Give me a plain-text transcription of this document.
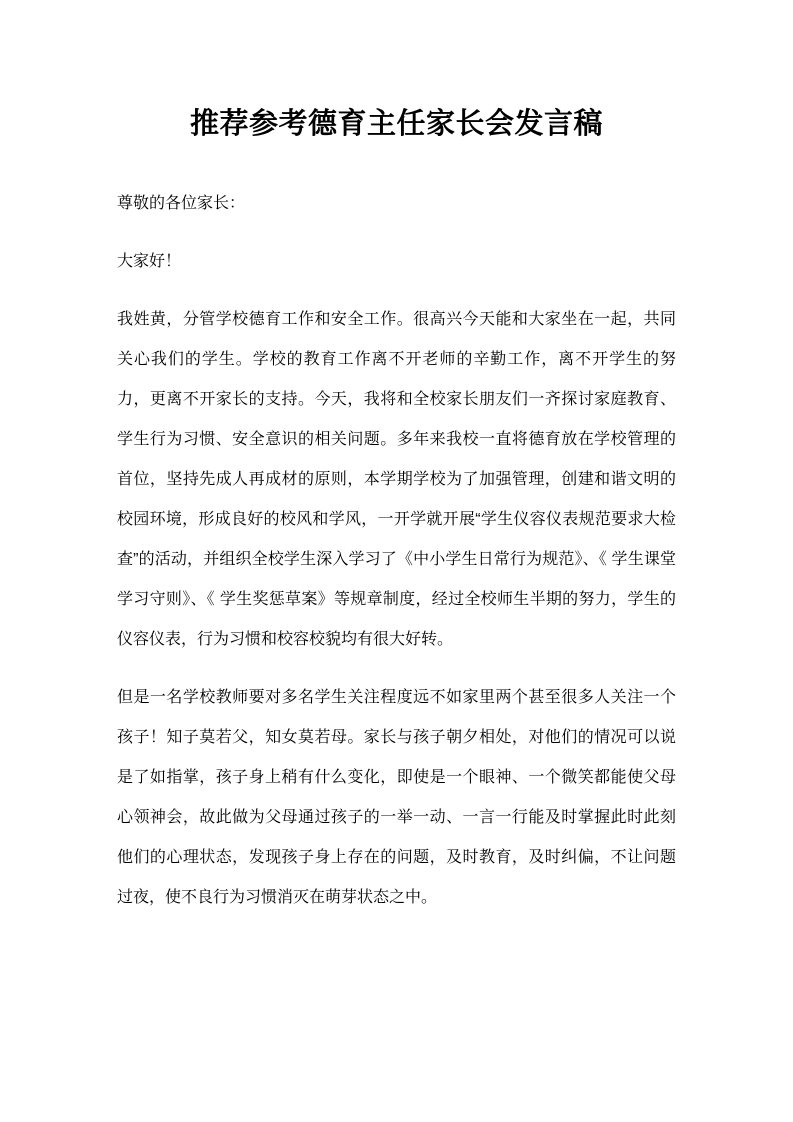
推荐参考德育主任家长会发言稿

尊敬的各位家长：

大家好！

我姓黄，分管学校德育工作和安全工作。很高兴今天能和大家坐在一起，共同关心我们的学生。学校的教育工作离不开老师的辛勤工作，离不开学生的努力，更离不开家长的支持。今天，我将和全校家长朋友们一齐探讨家庭教育、学生行为习惯、安全意识的相关问题。多年来我校一直将德育放在学校管理的首位，坚持先成人再成材的原则，本学期学校为了加强管理，创建和谐文明的校园环境，形成良好的校风和学风，一开学就开展“学生仪容仪表规范要求大检查”的活动，并组织全校学生深入学习了《中小学生日常行为规范》、《 学生课堂学习守则》、《 学生奖惩草案》等规章制度，经过全校师生半期的努力，学生的仪容仪表，行为习惯和校容校貌均有很大好转。

但是一名学校教师要对多名学生关注程度远不如家里两个甚至很多人关注一个孩子！知子莫若父，知女莫若母。家长与孩子朝夕相处，对他们的情况可以说是了如指掌，孩子身上稍有什么变化，即使是一个眼神、一个微笑都能使父母心领神会，故此做为父母通过孩子的一举一动、一言一行能及时掌握此时此刻他们的心理状态，发现孩子身上存在的问题，及时教育，及时纠偏，不让问题过夜，使不良行为习惯消灭在萌芽状态之中。
